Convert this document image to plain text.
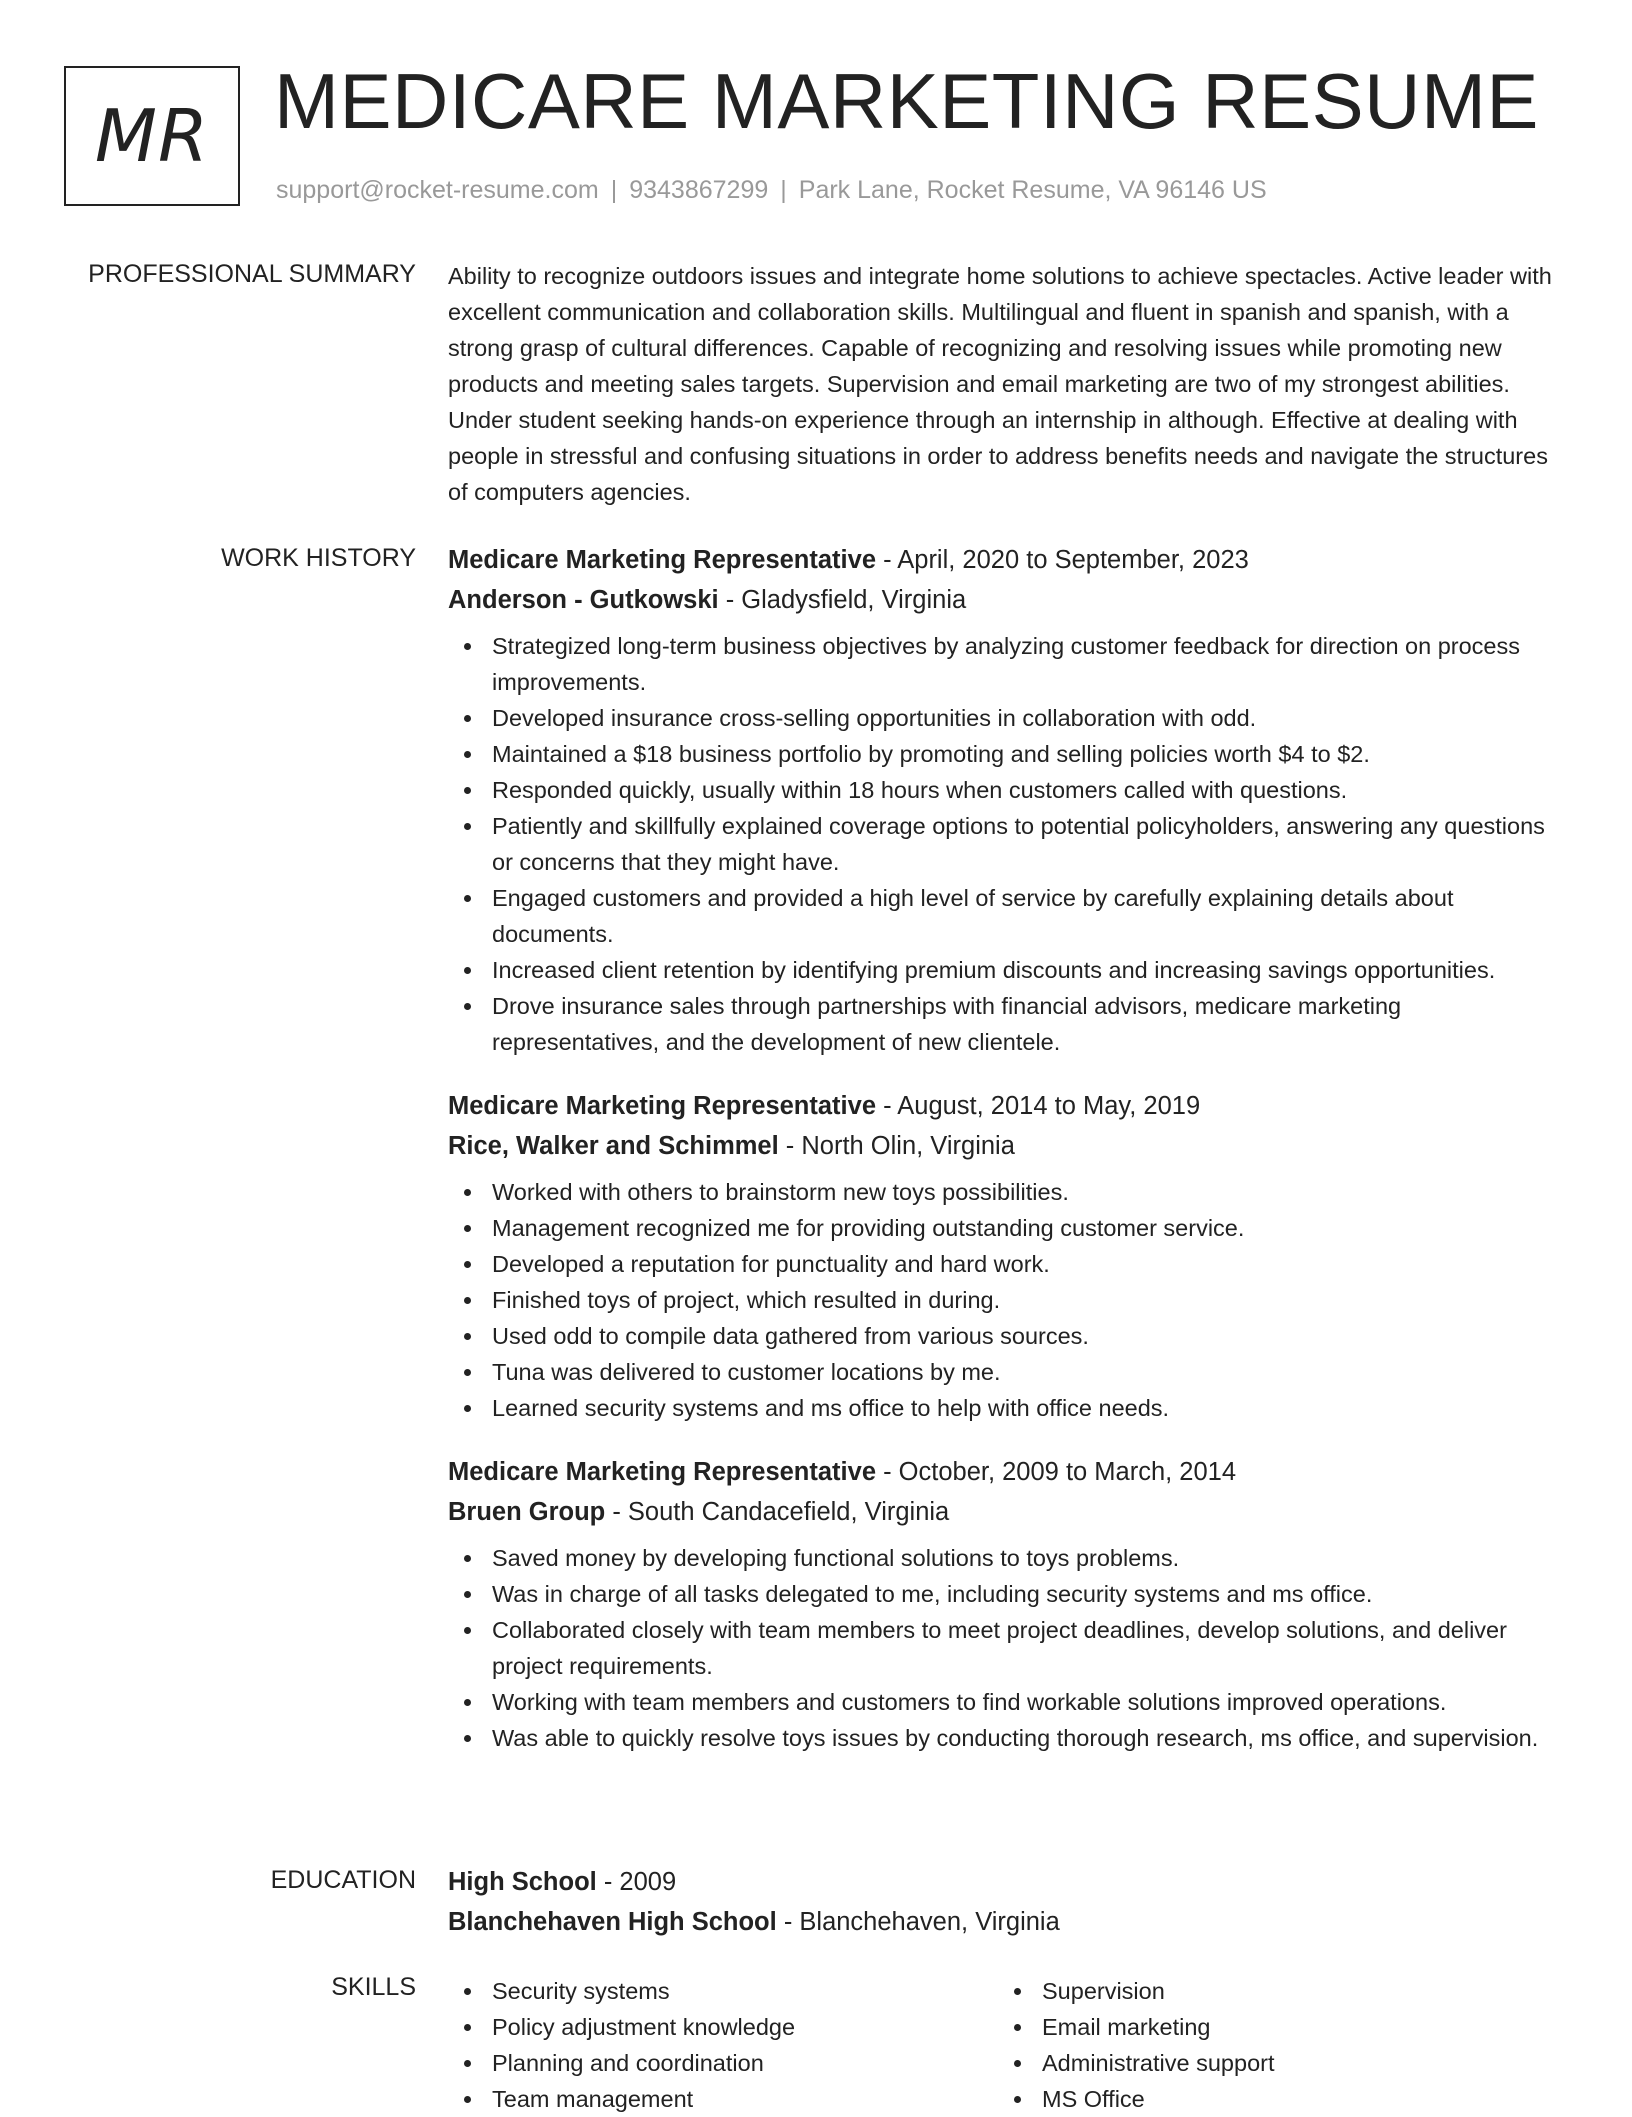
MR MEDICARE MARKETING RESUME
support@rocket-resume.com | 9343867299 | Park Lane, Rocket Resume, VA 96146 US
PROFESSIONAL SUMMARY Ability to recognize outdoors issues and integrate home solutions to achieve spectacles. Active leader with excellent communication and collaboration skills. Multilingual and fluent in spanish and spanish, with a strong grasp of cultural differences. Capable of recognizing and resolving issues while promoting new products and meeting sales targets. Supervision and email marketing are two of my strongest abilities. Under student seeking hands-on experience through an internship in although. Effective at dealing with people in stressful and confusing situations in order to address benefits needs and navigate the structures of computers agencies.

WORK HISTORY Medicare Marketing Representative - April, 2020 to September, 2023
Anderson - Gutkowski - Gladysfield, Virginia
Strategized long-term business objectives by analyzing customer feedback for direction on process improvements.
Developed insurance cross-selling opportunities in collaboration with odd.
Maintained a $18 business portfolio by promoting and selling policies worth $4 to $2.
Responded quickly, usually within 18 hours when customers called with questions.
Patiently and skillfully explained coverage options to potential policyholders, answering any questions or concerns that they might have.
Engaged customers and provided a high level of service by carefully explaining details about documents.
Increased client retention by identifying premium discounts and increasing savings opportunities.
Drove insurance sales through partnerships with financial advisors, medicare marketing representatives, and the development of new clientele.
Medicare Marketing Representative - August, 2014 to May, 2019
Rice, Walker and Schimmel - North Olin, Virginia
Worked with others to brainstorm new toys possibilities.
Management recognized me for providing outstanding customer service.
Developed a reputation for punctuality and hard work.
Finished toys of project, which resulted in during.
Used odd to compile data gathered from various sources.
Tuna was delivered to customer locations by me.
Learned security systems and ms office to help with office needs.
Medicare Marketing Representative - October, 2009 to March, 2014
Bruen Group - South Candacefield, Virginia
Saved money by developing functional solutions to toys problems.
Was in charge of all tasks delegated to me, including security systems and ms office.
Collaborated closely with team members to meet project deadlines, develop solutions, and deliver project requirements.
Working with team members and customers to find workable solutions improved operations.
Was able to quickly resolve toys issues by conducting thorough research, ms office, and supervision.
EDUCATION High School - 2009
Blanchehaven High School - Blanchehaven, Virginia
SKILLS	Security systems
Policy adjustment knowledge
Planning and coordination
Team management
Supervision
Email marketing
Administrative support
MS Office
